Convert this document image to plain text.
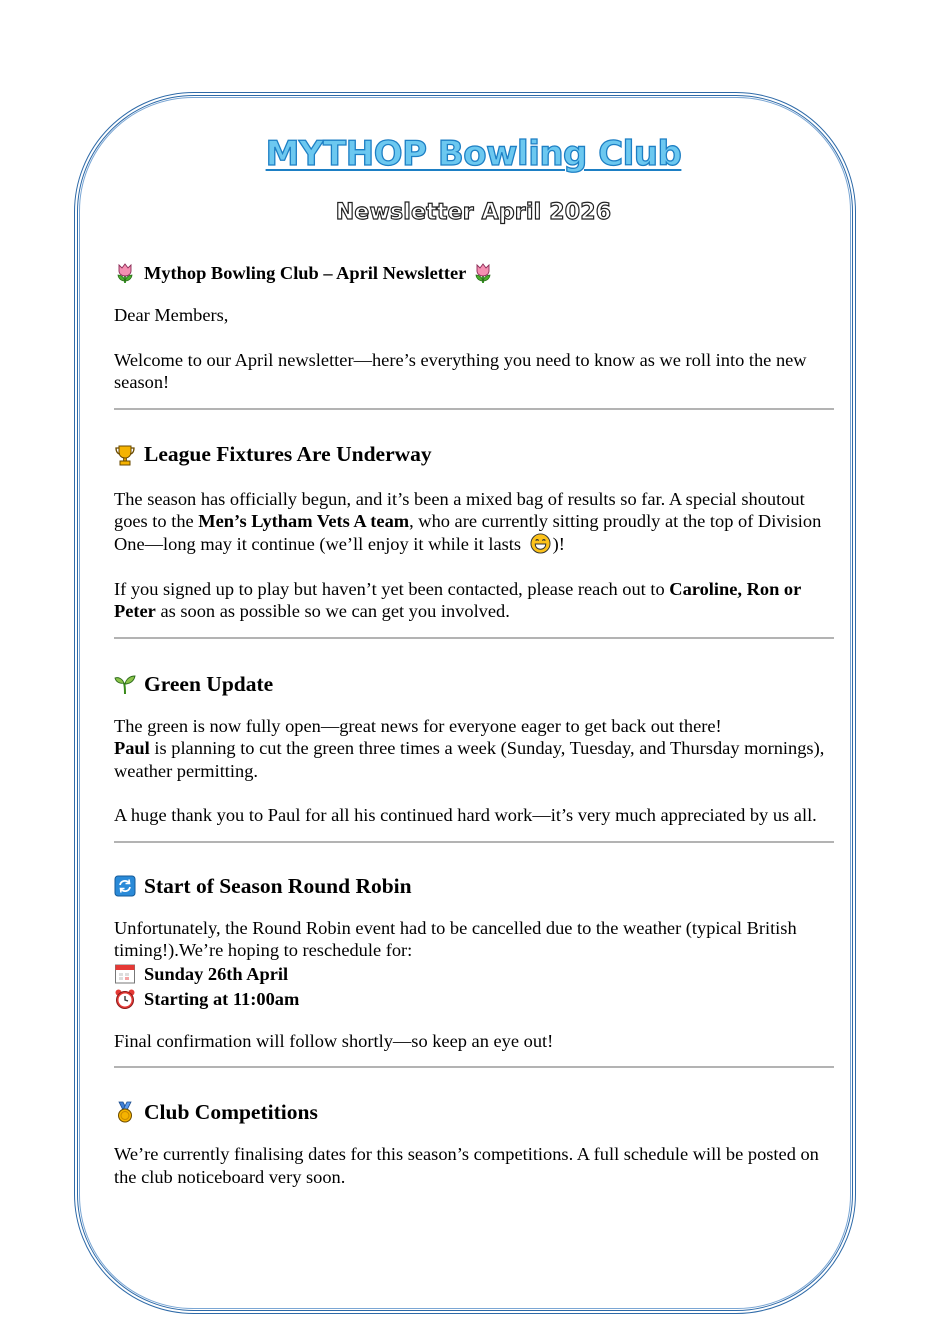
MYTHOP Bowling Club
Newsletter April 2026
Mythop Bowling Club – April Newsletter

Dear Members,

Welcome to our April newsletter—here’s everything you need to know as we roll into the new season!

League Fixtures Are Underway

The season has officially begun, and it’s been a mixed bag of results so far. A special shoutout goes to the Men’s Lytham Vets A team, who are currently sitting proudly at the top of Division One—long may it continue (we’ll enjoy it while it lasts
)!

If you signed up to play but haven’t yet been contacted, please reach out to Caroline, Ron or Peter as soon as possible so we can get you involved.

Green Update

The green is now fully open—great news for everyone eager to get back out there!
Paul is planning to cut the green three times a week (Sunday, Tuesday, and Thursday mornings), weather permitting.

A huge thank you to Paul for all his continued hard work—it’s very much appreciated by us all.

Start of Season Round Robin

Unfortunately, the Round Robin event had to be cancelled due to the weather (typical British timing!).We’re hoping to reschedule for:

Sunday 26th April
Starting at 11:00am

Final confirmation will follow shortly—so keep an eye out!

Club Competitions

We’re currently finalising dates for this season’s competitions. A full schedule will be posted on the club noticeboard very soon.
